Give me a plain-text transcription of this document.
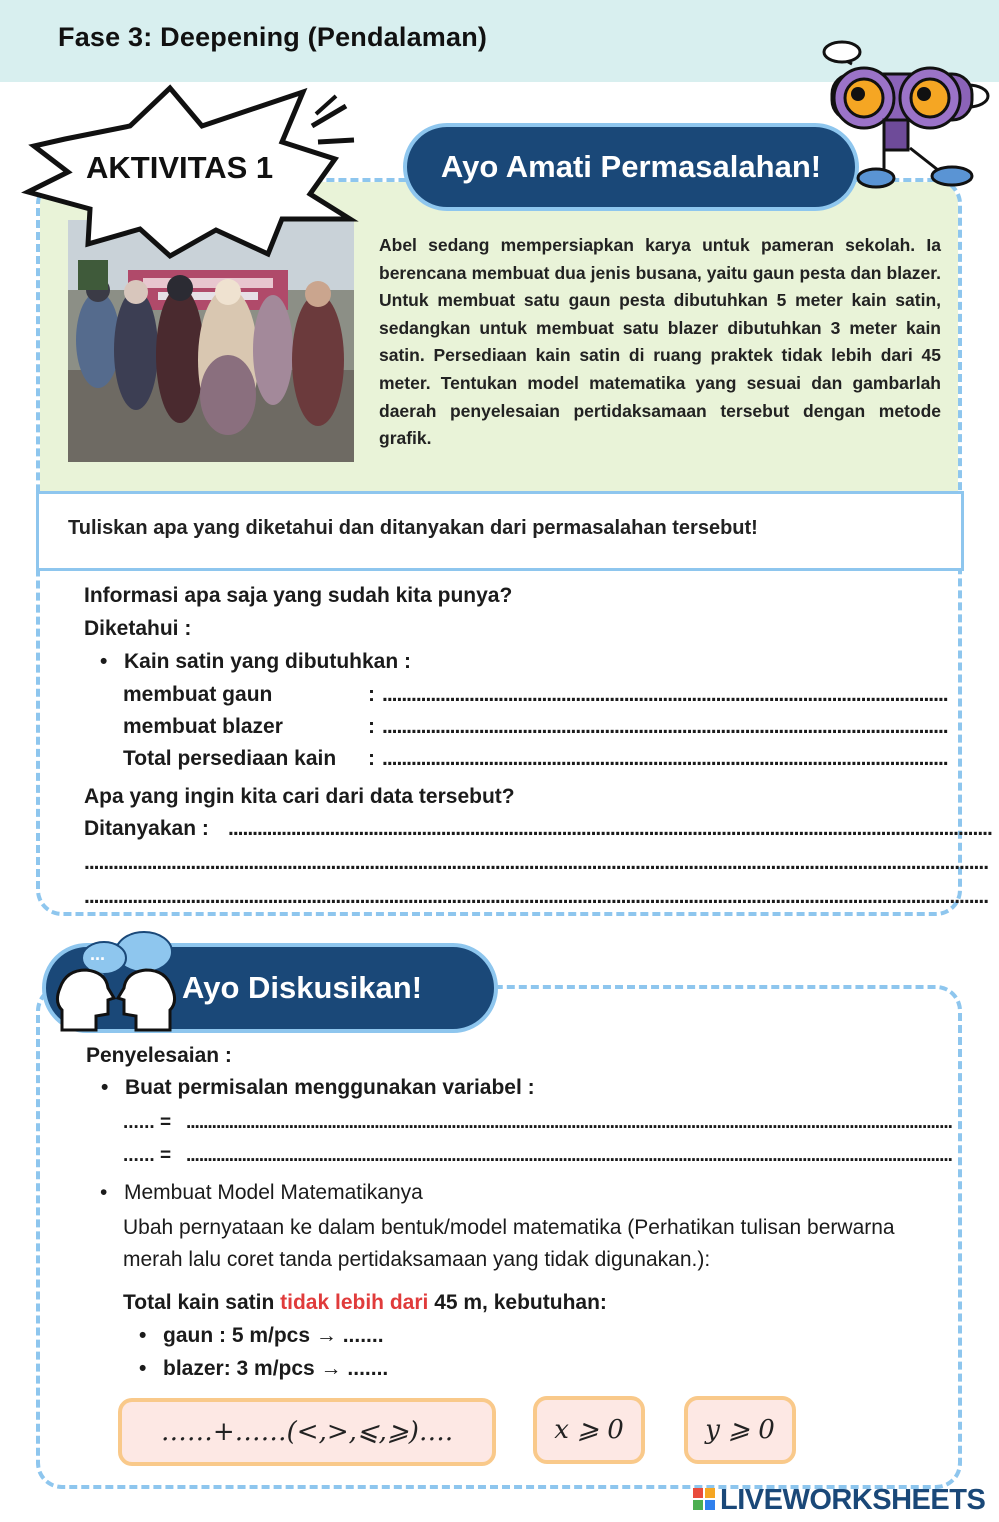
Fase 3: Deepening (Pendalaman)
AKTIVITAS 1	Ayo Amati Permasalahan!
Abel sedang mempersiapkan karya untuk pameran sekolah. Ia berencana membuat dua jenis busana, yaitu gaun pesta dan blazer. Untuk membuat satu gaun pesta dibutuhkan 5 meter kain satin, sedangkan untuk membuat satu blazer dibutuhkan 3 meter kain satin. Persediaan kain satin di ruang praktek tidak lebih dari 45 meter. Tentukan model matematika yang sesuai dan gambarlah daerah penyelesaian pertidaksamaan tersebut dengan metode grafik.
Tuliskan apa yang diketahui dan ditanyakan dari permasalahan tersebut!
Informasi apa saja yang sudah kita punya?
Diketahui :
• Kain satin yang dibutuhkan :
membuat gaun	: .....................................................................................................................
membuat blazer	: .....................................................................................................................
Total persediaan kain : .....................................................................................................................
Apa yang ingin kita cari dari data tersebut?
Ditanyakan : ..............................................................................................................................................................
...........................................................................................................................................................................................
...........................................................................................................................................................................................
Ayo Diskusikan!
...
Penyelesaian :
• Buat permisalan menggunakan variabel :
...... = ...................................................................................................................................................................................
...... = ...................................................................................................................................................................................
• Membuat Model Matematikanya
Ubah pernyataan ke dalam bentuk/model matematika (Perhatikan tulisan berwarna merah lalu coret tanda pertidaksamaan yang tidak digunakan.):
Total kain satin tidak lebih dari 45 m, kebutuhan:
• gaun : 5 m/pcs → .......
• blazer: 3 m/pcs → .......
……+……(<,>,⩽,⩾)….	x ⩾ 0	y ⩾ 0
LIVEWORKSHEETS
